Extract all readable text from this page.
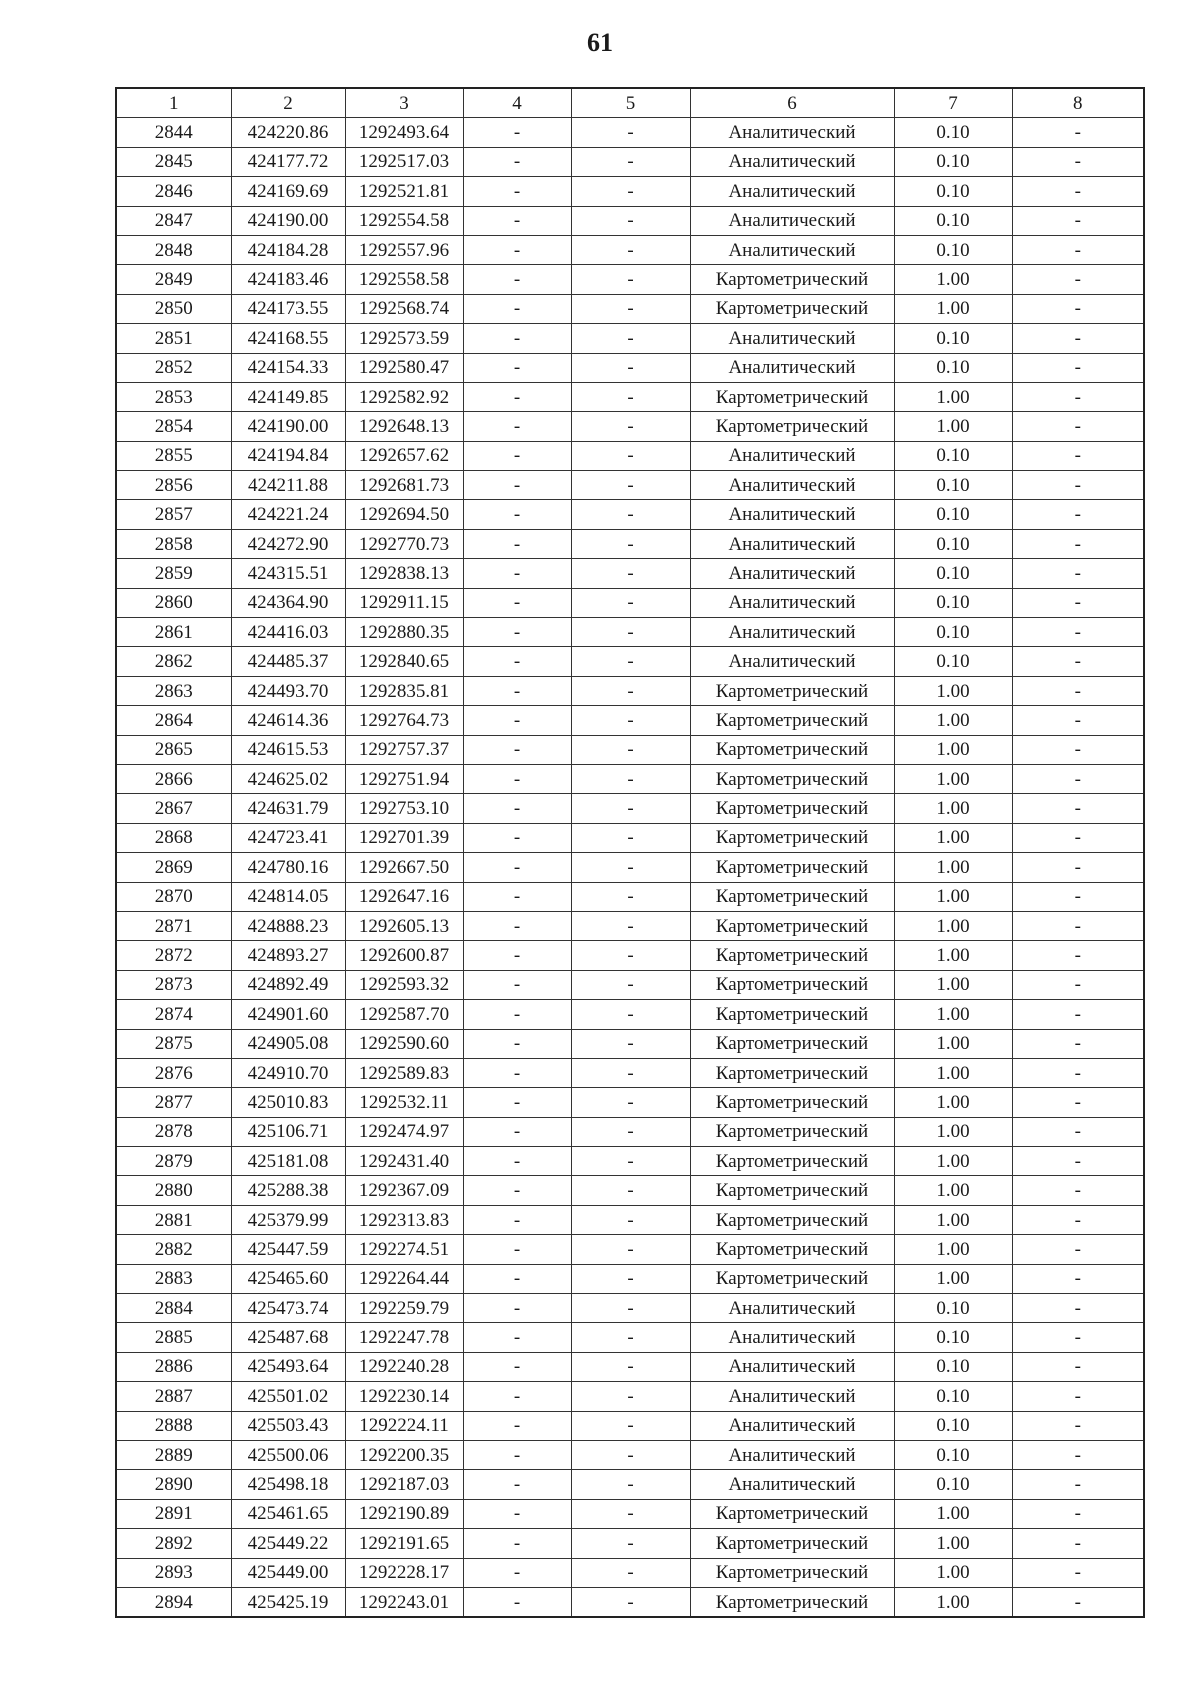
61
1	2	3	4	5	6	7	8
2844	424220.86	1292493.64	-	-	Аналитический	0.10	-
2845	424177.72	1292517.03	-	-	Аналитический	0.10	-
2846	424169.69	1292521.81	-	-	Аналитический	0.10	-
2847	424190.00	1292554.58	-	-	Аналитический	0.10	-
2848	424184.28	1292557.96	-	-	Аналитический	0.10	-
2849	424183.46	1292558.58	-	-	Картометрический	1.00	-
2850	424173.55	1292568.74	-	-	Картометрический	1.00	-
2851	424168.55	1292573.59	-	-	Аналитический	0.10	-
2852	424154.33	1292580.47	-	-	Аналитический	0.10	-
2853	424149.85	1292582.92	-	-	Картометрический	1.00	-
2854	424190.00	1292648.13	-	-	Картометрический	1.00	-
2855	424194.84	1292657.62	-	-	Аналитический	0.10	-
2856	424211.88	1292681.73	-	-	Аналитический	0.10	-
2857	424221.24	1292694.50	-	-	Аналитический	0.10	-
2858	424272.90	1292770.73	-	-	Аналитический	0.10	-
2859	424315.51	1292838.13	-	-	Аналитический	0.10	-
2860	424364.90	1292911.15	-	-	Аналитический	0.10	-
2861	424416.03	1292880.35	-	-	Аналитический	0.10	-
2862	424485.37	1292840.65	-	-	Аналитический	0.10	-
2863	424493.70	1292835.81	-	-	Картометрический	1.00	-
2864	424614.36	1292764.73	-	-	Картометрический	1.00	-
2865	424615.53	1292757.37	-	-	Картометрический	1.00	-
2866	424625.02	1292751.94	-	-	Картометрический	1.00	-
2867	424631.79	1292753.10	-	-	Картометрический	1.00	-
2868	424723.41	1292701.39	-	-	Картометрический	1.00	-
2869	424780.16	1292667.50	-	-	Картометрический	1.00	-
2870	424814.05	1292647.16	-	-	Картометрический	1.00	-
2871	424888.23	1292605.13	-	-	Картометрический	1.00	-
2872	424893.27	1292600.87	-	-	Картометрический	1.00	-
2873	424892.49	1292593.32	-	-	Картометрический	1.00	-
2874	424901.60	1292587.70	-	-	Картометрический	1.00	-
2875	424905.08	1292590.60	-	-	Картометрический	1.00	-
2876	424910.70	1292589.83	-	-	Картометрический	1.00	-
2877	425010.83	1292532.11	-	-	Картометрический	1.00	-
2878	425106.71	1292474.97	-	-	Картометрический	1.00	-
2879	425181.08	1292431.40	-	-	Картометрический	1.00	-
2880	425288.38	1292367.09	-	-	Картометрический	1.00	-
2881	425379.99	1292313.83	-	-	Картометрический	1.00	-
2882	425447.59	1292274.51	-	-	Картометрический	1.00	-
2883	425465.60	1292264.44	-	-	Картометрический	1.00	-
2884	425473.74	1292259.79	-	-	Аналитический	0.10	-
2885	425487.68	1292247.78	-	-	Аналитический	0.10	-
2886	425493.64	1292240.28	-	-	Аналитический	0.10	-
2887	425501.02	1292230.14	-	-	Аналитический	0.10	-
2888	425503.43	1292224.11	-	-	Аналитический	0.10	-
2889	425500.06	1292200.35	-	-	Аналитический	0.10	-
2890	425498.18	1292187.03	-	-	Аналитический	0.10	-
2891	425461.65	1292190.89	-	-	Картометрический	1.00	-
2892	425449.22	1292191.65	-	-	Картометрический	1.00	-
2893	425449.00	1292228.17	-	-	Картометрический	1.00	-
2894	425425.19	1292243.01	-	-	Картометрический	1.00	-
